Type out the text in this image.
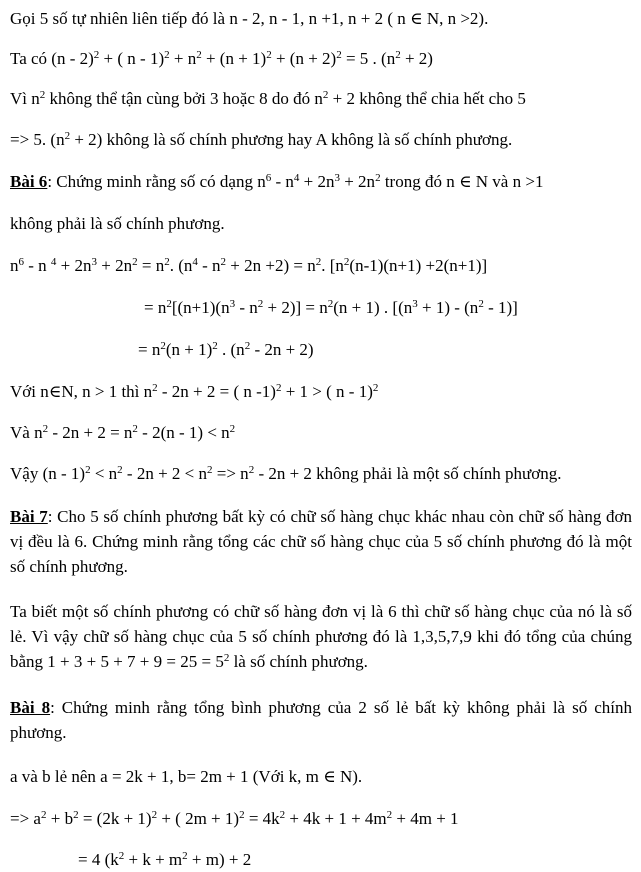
Gọi 5 số tự nhiên liên tiếp đó là n - 2, n - 1, n +1, n + 2 ( n ∈ N, n >2).
Ta có (n - 2)$^2$ + ( $n - 1)^2 + n^2 + (n + 1)^2 + (n + 2)^2 = 5$ . $(n^2 + 2)$
Vì $n^2$ không thể tận cùng bởi 3 hoặc 8 do đó $n^2 + 2$ không thể chia hết cho 5
=> 5. $(n^2 + 2)$ không là số chính phương hay A không là số chính phương.
Bài 6: Chứng minh rằng số có dạng $n^6 - n^4 + 2n^3 + 2n^2$ trong đó n ∈ N và n >1
không phải là số chính phương.
$n^6$ - n $^4 + 2n^3 + 2n^2 = n^2$. $(n^4 - n^2 + 2n +2) = n^2$. $[n^2(n-1)(n+1) +2(n+1)]$
= $n^2[(n+1)(n^3 - n^2 + 2)] = n^2(n + 1)$ . $[(n^3 + 1) - (n^2 - 1)]$
= $n^2(n + 1)^2$ . $(n^2 - 2n + 2)$
Với n∈N, n > 1 thì $n^2 - 2n + 2$ = ( n -1)$^2$ + 1 > ( n - 1)$^2$
Và $n^2 - 2n + 2 = n^2 - 2(n - 1) < n^2$
Vậy $(n - 1)^2 < n^2 - 2n + 2 < n^2 => n^2 - 2n + 2$ không phải là một số chính phương.
Bài 7: Cho 5 số chính phương bất kỳ có chữ số hàng chục khác nhau còn chữ số hàng đơn vị đều là 6. Chứng minh rằng tổng các chữ số hàng chục của 5 số chính phương đó là một số chính phương.
Ta biết một số chính phương có chữ số hàng đơn vị là 6 thì chữ số hàng chục của nó là số lẻ. Vì vậy chữ số hàng chục của 5 số chính phương đó là 1,3,5,7,9 khi đó tổng của chúng bằng $1 + 3 + 5 + 7 + 9 = 25 = 5^2$ là số chính phương.
Bài 8: Chứng minh rằng tổng bình phương của 2 số lẻ bất kỳ không phải là số chính phương.
a và b lẻ nên a = 2k + 1, b= 2m + 1 (Với k, m ∈ N).
=> $a^2 + b^2 = (2k + 1)^2$ + ( $2m + 1)^2 = 4k^2 + 4k + 1 + 4m^2 + 4m + 1$
= 4 $(k^2 + k + m^2 + m) + 2$
